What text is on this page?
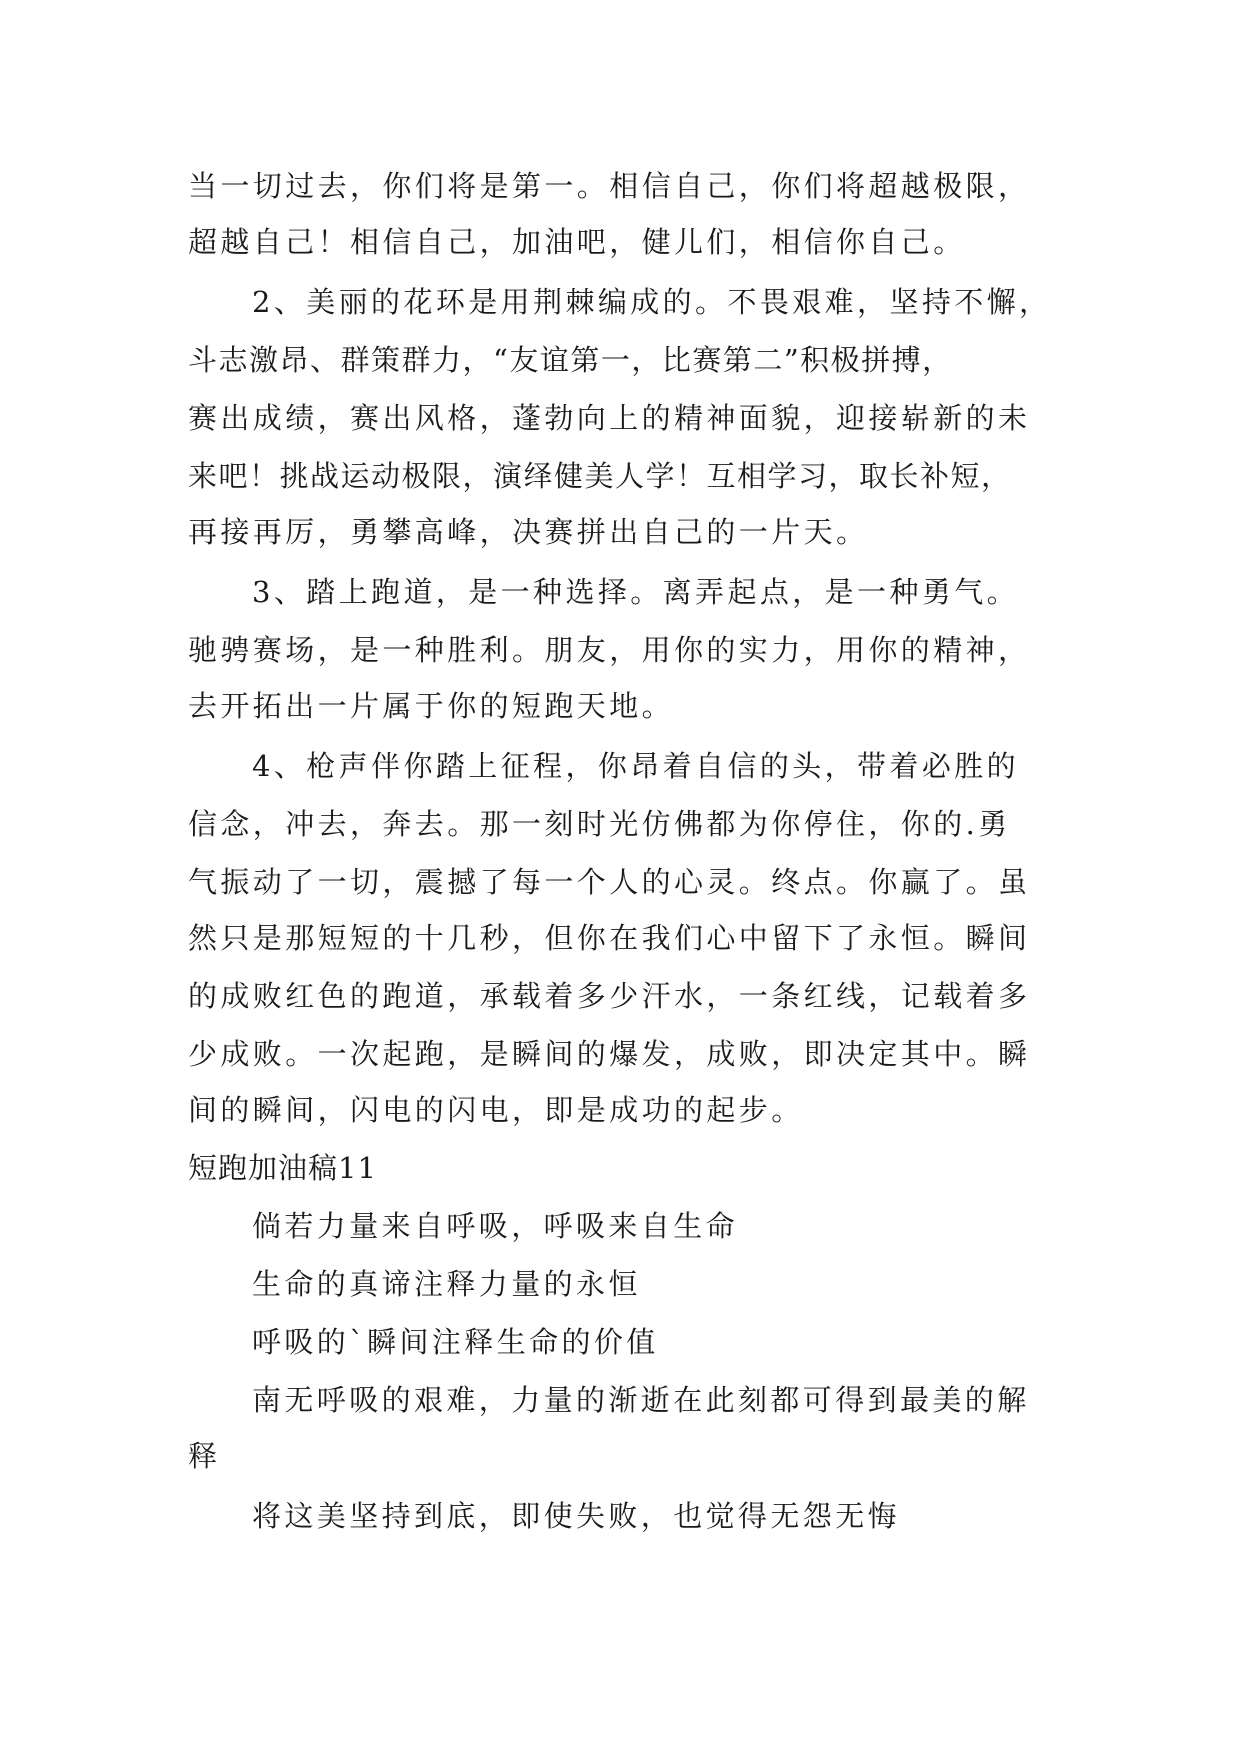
当一切过去，你们将是第一。相信自己，你们将超越极限，
超越自己！相信自己，加油吧，健儿们，相信你自己。
2、美丽的花环是用荆棘编成的。不畏艰难，坚持不懈，
斗志激昂、群策群力，“友谊第一，比赛第二”积极拼搏，
赛出成绩，赛出风格，蓬勃向上的精神面貌，迎接崭新的未
来吧！挑战运动极限，演绎健美人学！互相学习，取长补短，
再接再厉，勇攀高峰，决赛拼出自己的一片天。
3、踏上跑道，是一种选择。离弄起点，是一种勇气。
驰骋赛场，是一种胜利。朋友，用你的实力，用你的精神，
去开拓出一片属于你的短跑天地。
4、枪声伴你踏上征程，你昂着自信的头，带着必胜的
信念，冲去，奔去。那一刻时光仿佛都为你停住，你的.勇
气振动了一切，震撼了每一个人的心灵。终点。你赢了。虽
然只是那短短的十几秒，但你在我们心中留下了永恒。瞬间
的成败红色的跑道，承载着多少汗水，一条红线，记载着多
少成败。一次起跑，是瞬间的爆发，成败，即决定其中。瞬
间的瞬间，闪电的闪电，即是成功的起步。
短跑加油稿11
倘若力量来自呼吸，呼吸来自生命
生命的真谛注释力量的永恒
呼吸的`瞬间注释生命的价值
南无呼吸的艰难，力量的渐逝在此刻都可得到最美的解
释
将这美坚持到底，即使失败，也觉得无怨无悔
